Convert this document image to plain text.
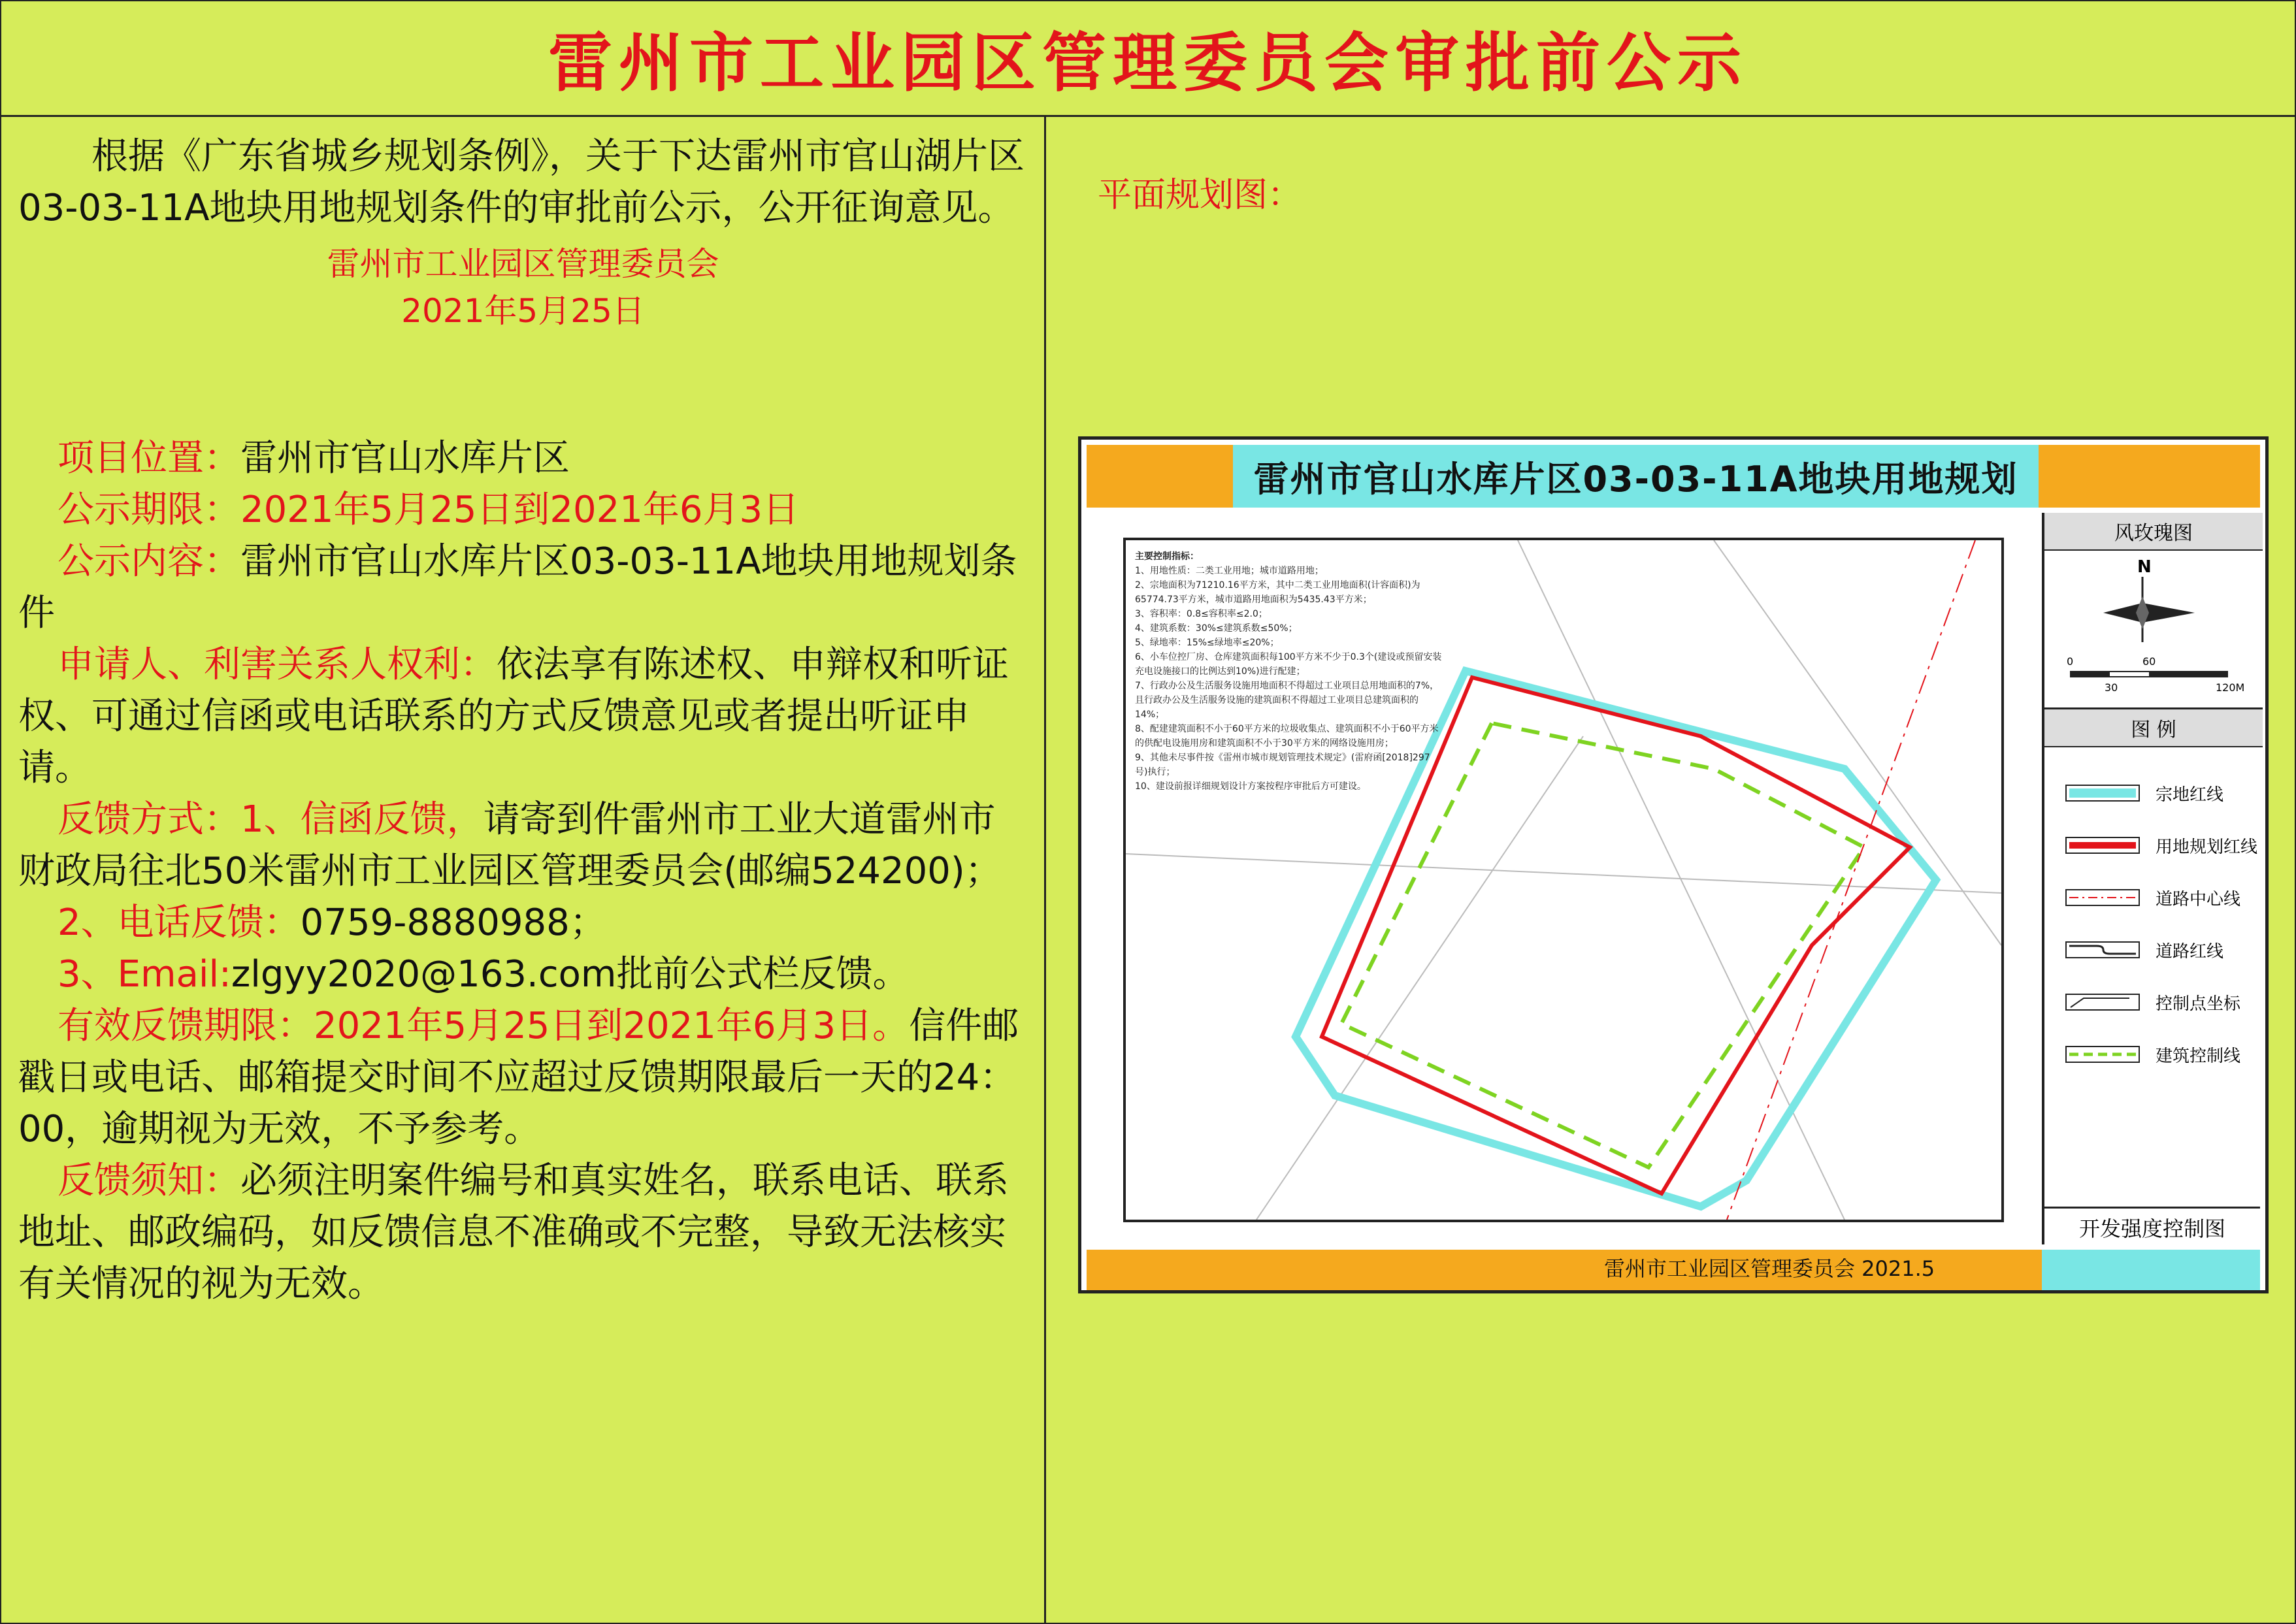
雷州市工业园区管理委员会审批前公示

根据《广东省城乡规划条例》，关于下达雷州市官山湖片区03-03-11A地块用地规划条件的审批前公示，公开征询意见。

雷州市工业园区管理委员会
2021年5月25日

项目位置：雷州市官山水库片区

公示期限：2021年5月25日到2021年6月3日

公示内容：雷州市官山水库片区03-03-11A地块用地规划条件

申请人、利害关系人权利：依法享有陈述权、申辩权和听证权、可通过信函或电话联系的方式反馈意见或者提出听证申请。

反馈方式：1、信函反馈，请寄到件雷州市工业大道雷州市财政局往北50米雷州市工业园区管理委员会(邮编524200)；

2、电话反馈：0759-8880988；

3、Email:zlgyy2020@163.com批前公式栏反馈。

有效反馈期限：2021年5月25日到2021年6月3日。信件邮戳日或电话、邮箱提交时间不应超过反馈期限最后一天的24：00，逾期视为无效，不予参考。

反馈须知：必须注明案件编号和真实姓名，联系电话、联系地址、邮政编码，如反馈信息不准确或不完整，导致无法核实有关情况的视为无效。

平面规划图：
雷州市官山水库片区03-03-11A地块用地规划
主要控制指标：
1、用地性质：二类工业用地；城市道路用地；
2、宗地面积为71210.16平方米，其中二类工业用地面积(计容面积)为65774.73平方米，城市道路用地面积为5435.43平方米；
3、容积率：0.8≤容积率≤2.0；
4、建筑系数：30%≤建筑系数≤50%；
5、绿地率：15%≤绿地率≤20%；
6、小车位控厂房、仓库建筑面积每100平方米不少于0.3个(建设或预留安装充电设施接口的比例达到10%)进行配建；
7、行政办公及生活服务设施用地面积不得超过工业项目总用地面积的7%，且行政办公及生活服务设施的建筑面积不得超过工业项目总建筑面积的14%；
8、配建建筑面积不小于60平方米的垃圾收集点、建筑面积不小于60平方米的供配电设施用房和建筑面积不小于30平方米的网络设施用房；
9、其他未尽事件按《雷州市城市规划管理技术规定》(雷府函[2018]297号)执行；
10、建设前报详细规划设计方案按程序审批后方可建设。
风玫瑰图
N
0
30
60
120M
图 例
宗地红线
用地规划红线
道路中心线
道路红线
控制点坐标
建筑控制线
开发强度控制图
雷州市工业园区管理委员会 2021.5
